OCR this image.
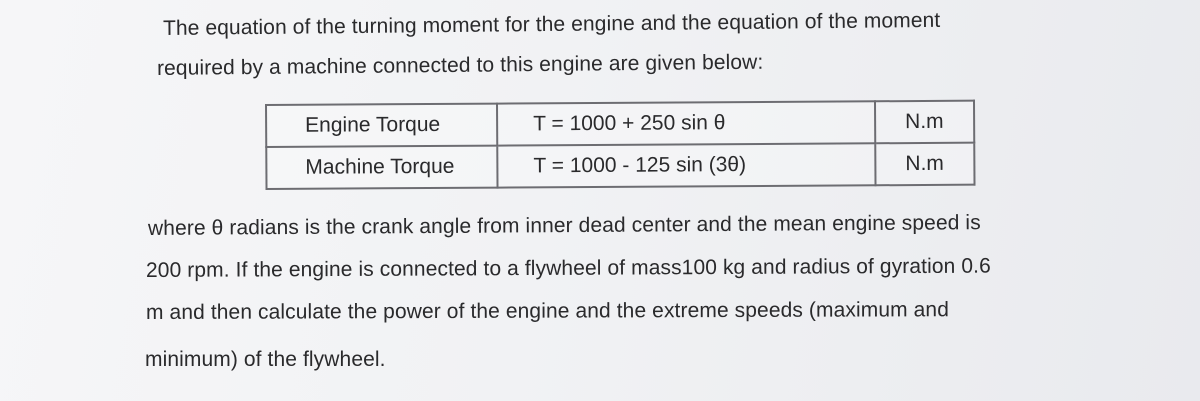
The equation of the turning moment for the engine and the equation of the moment
required by a machine connected to this engine are given below:
Engine Torque	T = 1000 + 250 sin θ	N.m
Machine Torque	T = 1000 - 125 sin (3θ)	N.m
where θ radians is the crank angle from inner dead center and the mean engine speed is
200 rpm. If the engine is connected to a flywheel of mass100 kg and radius of gyration 0.6
m and then calculate the power of the engine and the extreme speeds (maximum and
minimum) of the flywheel.
